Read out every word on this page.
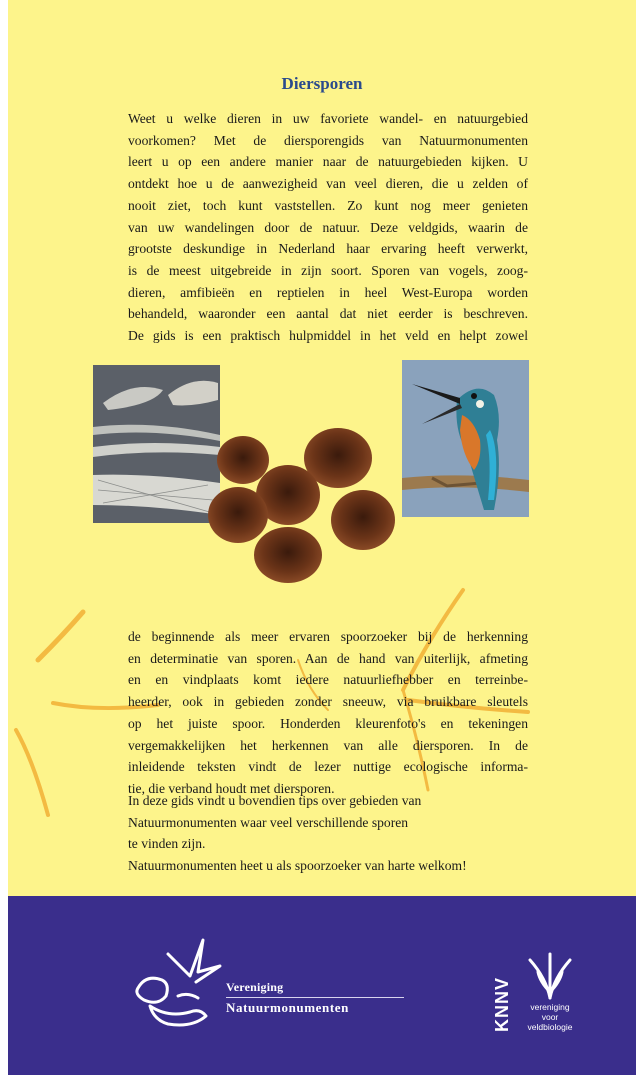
Diersporen
Weet u welke dieren in uw favoriete wandel- en natuurgebied
voorkomen? Met de diersporengids van Natuurmonumenten
leert u op een andere manier naar de natuurgebieden kijken. U
ontdekt hoe u de aanwezigheid van veel dieren, die u zelden of
nooit ziet, toch kunt vaststellen. Zo kunt nog meer genieten
van uw wandelingen door de natuur. Deze veldgids, waarin de
grootste deskundige in Nederland haar ervaring heeft verwerkt,
is de meest uitgebreide in zijn soort. Sporen van vogels, zoog-
dieren, amfibieën en reptielen in heel West-Europa worden
behandeld, waaronder een aantal dat niet eerder is beschreven.
De gids is een praktisch hulpmiddel in het veld en helpt zowel
de beginnende als meer ervaren spoorzoeker bij de herkenning
en determinatie van sporen. Aan de hand van uiterlijk, afmeting
en en vindplaats komt iedere natuurliefhebber en terreinbe-
heerder, ook in gebieden zonder sneeuw, via bruikbare sleutels
op het juiste spoor. Honderden kleurenfoto's en tekeningen
vergemakkelijken het herkennen van alle diersporen. In de
inleidende teksten vindt de lezer nuttige ecologische informa-
tie, die verband houdt met diersporen.
In deze gids vindt u bovendien tips over gebieden van
Natuurmonumenten waar veel verschillende sporen
te vinden zijn.
Natuurmonumenten heet u als spoorzoeker van harte welkom!
Vereniging
Natuurmonumenten	KNNV	vereniging
voor veldbiologie
